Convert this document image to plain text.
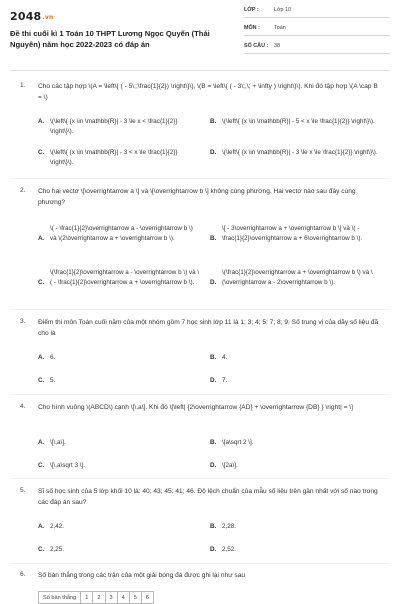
2048.vn
Đề thi cuối kì 1 Toán 10 THPT Lương Ngọc Quyến (Thái Nguyên) năm học 2022-2023 có đáp án
LỚP :	Lớp 10
MÔN :	Toán
SỐ CÂU : 38
1. Cho các tập hợp \(A = \left\{ ( - 5\;;\frac{1}{2}) \right\}\), \(B = \left\{ ( - 3\;,\; + \infty ) \right\}\). Khi đó tập hợp \(A \cap B = \)
A. \(\left\{ {x \in \mathbb{R}| - 3 \le x < \frac{1}{2}} \right\}\).
B. \(\left\{ {x \in \mathbb{R}| - 5 < x \le \frac{1}{2}} \right\}\).
C. \(\left\{ {x \in \mathbb{R}| - 3 < x \le \frac{1}{2}} \right\}\).
D. \(\left\{ {x \in \mathbb{R}| - 3 \le x \le \frac{1}{2}} \right\}\).
2. Cho hai vectơ \[\overrightarrow a \] và \[\overrightarrow b \] không cùng phương. Hai vectơ nào sau đây cùng phương?
A.
\( - \frac{1}{2}\overrightarrow a - \overrightarrow b \) và \(2\overrightarrow a + \overrightarrow b \).	B.
\[ - 3\overrightarrow a + \overrightarrow b \] và \( - \frac{1}{2}\overrightarrow a + 6\overrightarrow b \).
C.
\(\frac{1}{2}\overrightarrow a - \overrightarrow b \) và \( - \frac{1}{2}\overrightarrow a + \overrightarrow b \).	D.
\(\frac{1}{2}\overrightarrow a + \overrightarrow b \) và \(\overrightarrow a - 2\overrightarrow b \).
3. Điểm thi môn Toán cuối năm của một nhóm gồm 7 học sinh lớp 11 là 1; 3; 4; 5; 7; 8; 9. Số trung vị của dãy số liệu đã cho là
A. 6.	B. 4.
C. 5.	D. 7.
4. Cho hình vuông \(ABCD\) cạnh \[\,a\]. Khi đó \[\left| {2\overrightarrow {AD} + \overrightarrow {DB} } \right| = \]
A. \[\,a\].	B. \[a\sqrt 2 \].
C. \[\,a\sqrt 3 \].	D. \[2a\].
5. Sĩ số học sinh của 5 lớp khối 10 là: 40; 43; 45; 41; 46. Độ lệch chuẩn của mẫu số liệu trên gần nhất với số nào trong các đáp án sau?
A. 2,42.	B. 2,28.
C. 2,25.	D. 2,52.
6. Số bàn thắng trong các trận của một giải bóng đá được ghi lại như sau
Số bàn thắng	1	2	3	4	5	6
